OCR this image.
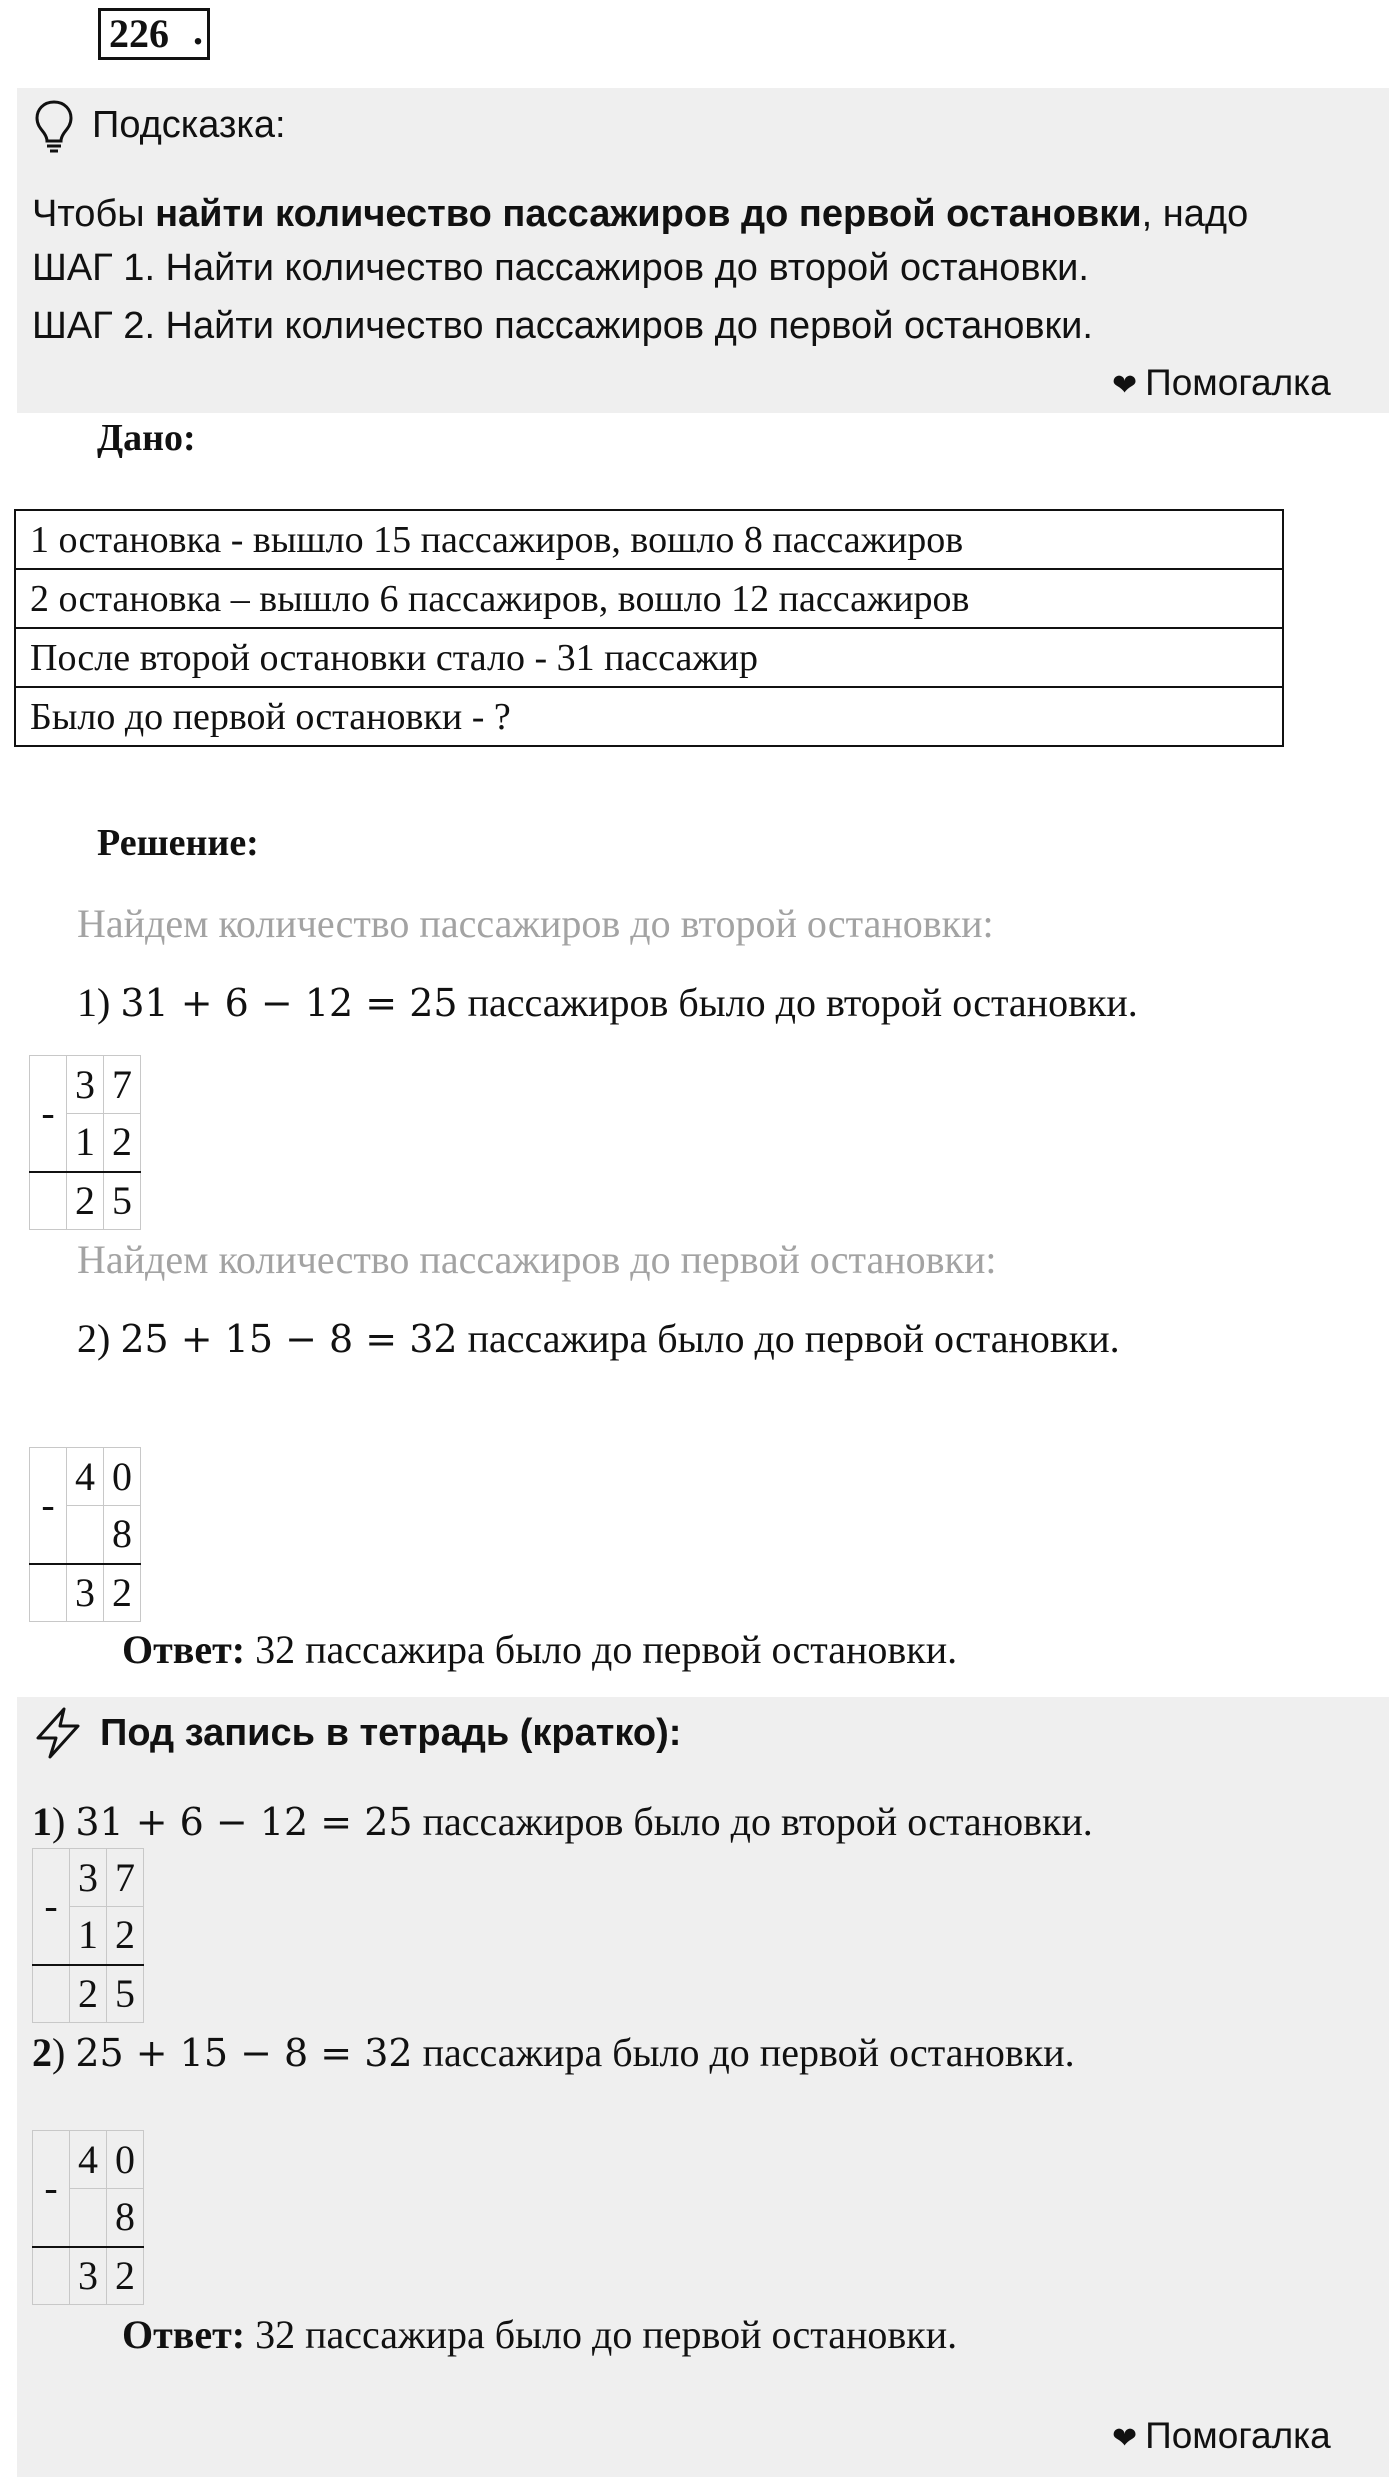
226 .
Подсказка:
Чтобы найти количество пассажиров до первой остановки, надо
ШАГ 1. Найти количество пассажиров до второй остановки.
ШАГ 2. Найти количество пассажиров до первой остановки.
❤ Помогалка
Дано:
1 остановка - вышло 15 пассажиров, вошло 8 пассажиров
2 остановка – вышло 6 пассажиров, вошло 12 пассажиров
После второй остановки стало - 31 пассажир
Было до первой остановки - ?
Решение:
Найдем количество пассажиров до второй остановки:
1) 31 + 6 − 12 = 25 пассажиров было до второй остановки.
-	3	7
	1	2
	2	5
Найдем количество пассажиров до первой остановки:
2) 25 + 15 − 8 = 32 пассажира было до первой остановки.
-	4	0
		8
	3	2
Ответ: 32 пассажира было до первой остановки.
Под запись в тетрадь (кратко):
1) 31 + 6 − 12 = 25 пассажиров было до второй остановки.
-	3	7
	1	2
	2	5
2) 25 + 15 − 8 = 32 пассажира было до первой остановки.
-	4	0
		8
	3	2
Ответ: 32 пассажира было до первой остановки.
❤ Помогалка
